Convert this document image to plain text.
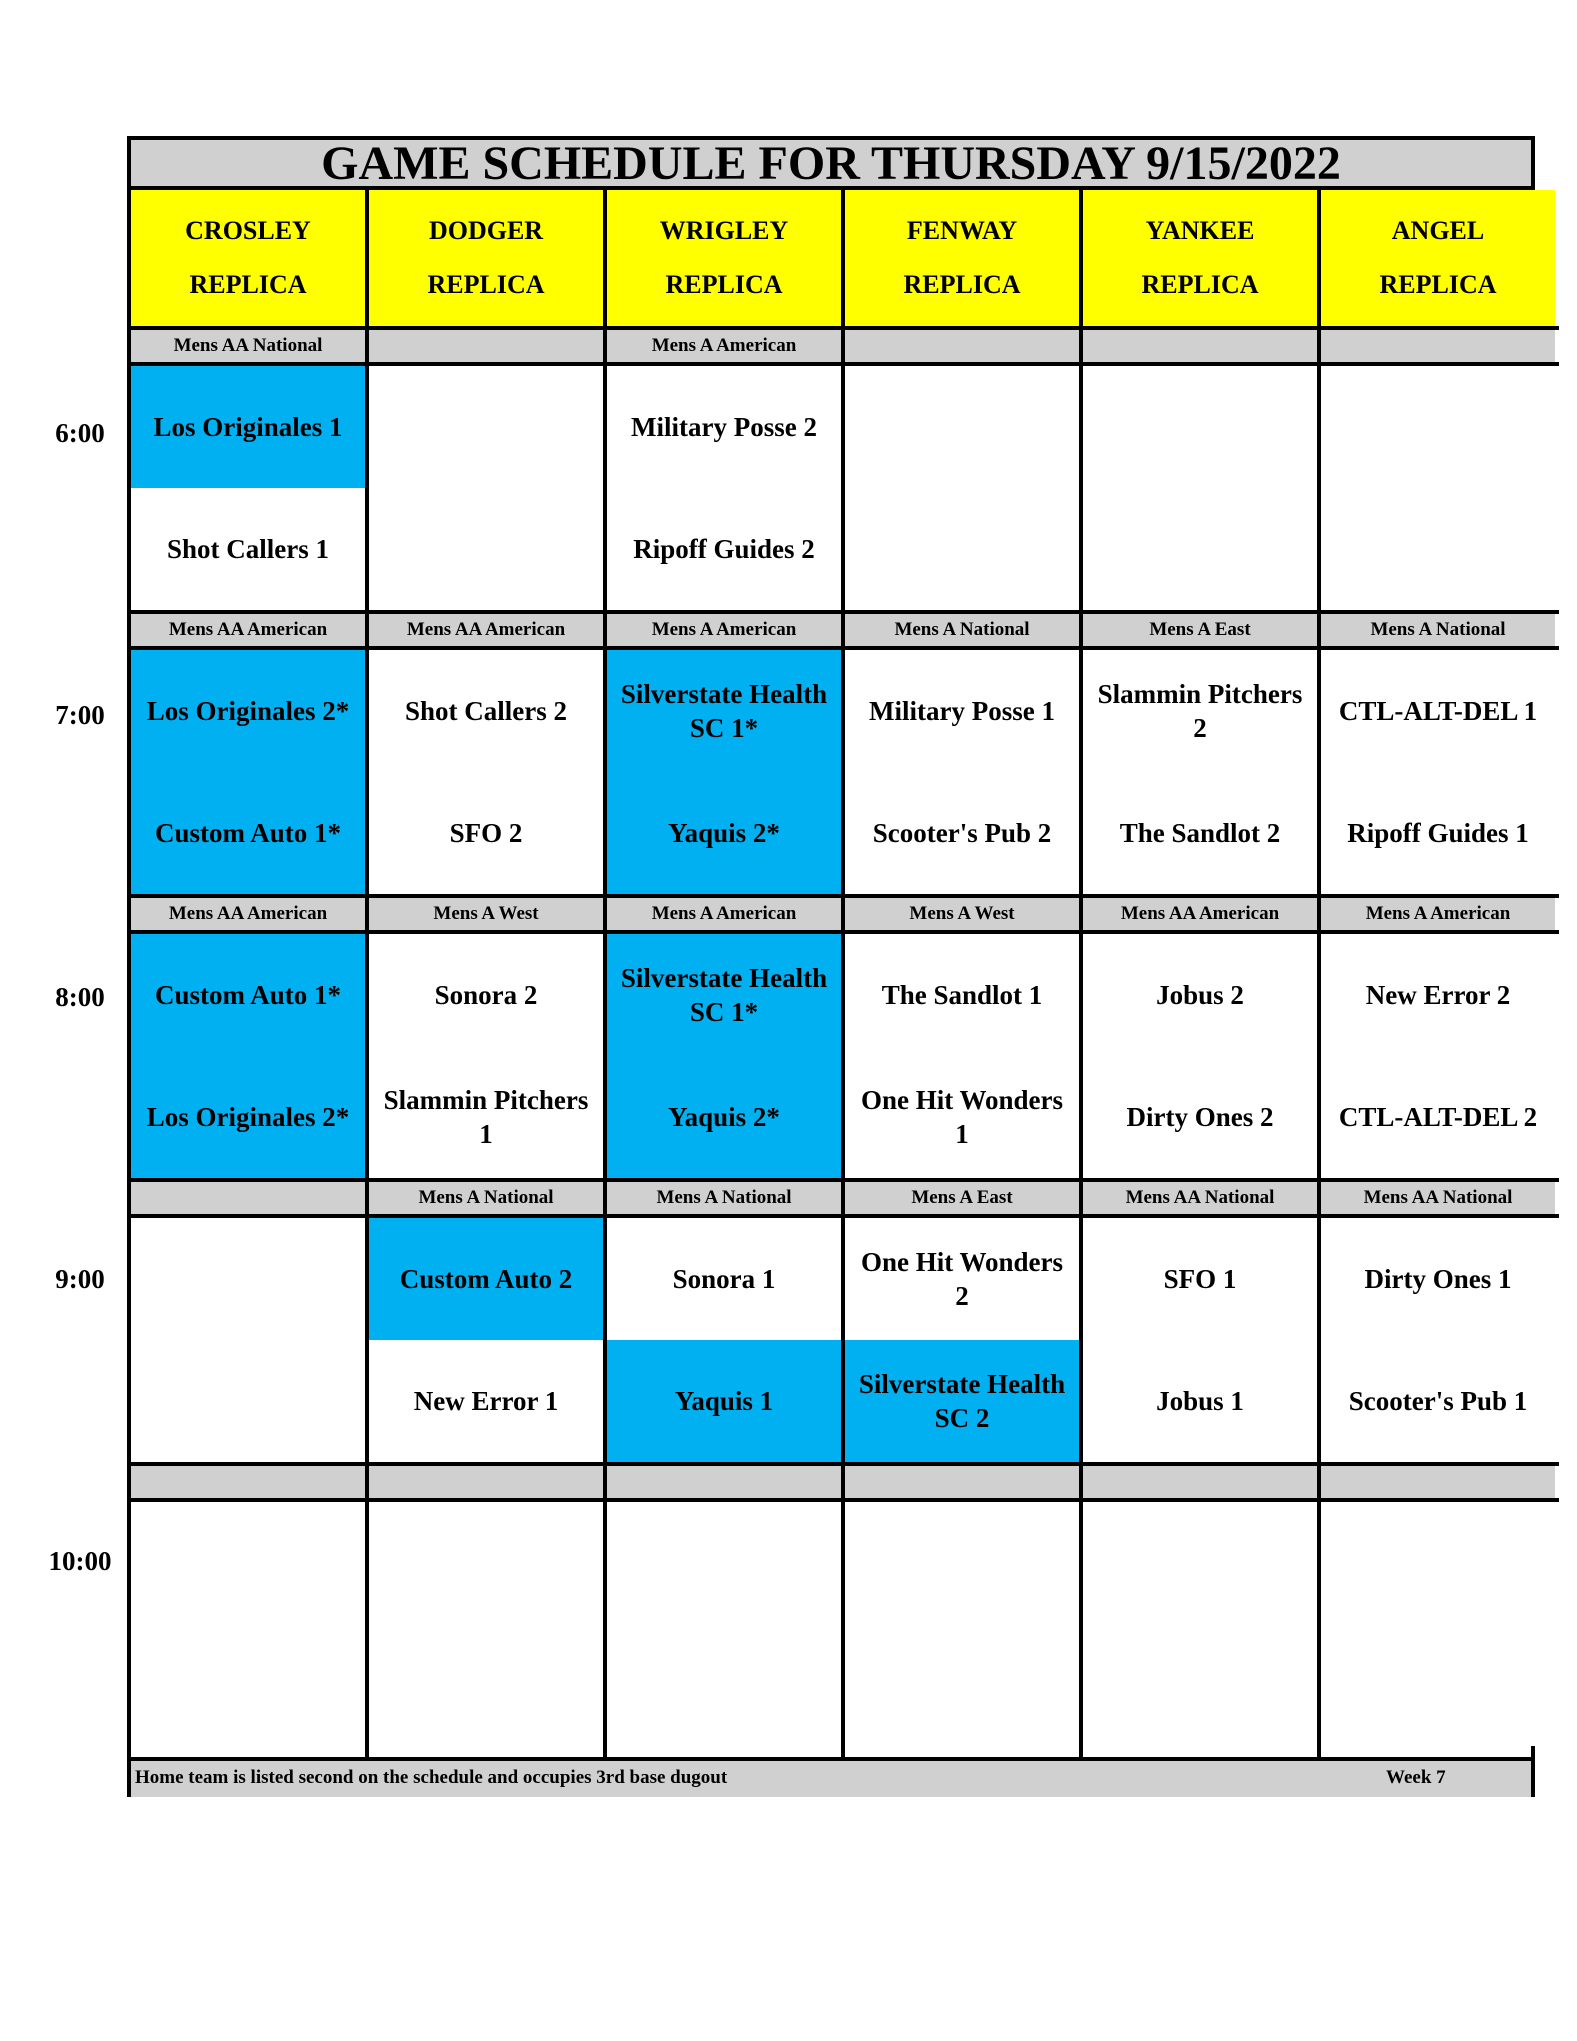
6:00
7:00
8:00
9:00
10:00
GAME SCHEDULE FOR THURSDAY 9/15/2022
CROSLEY
REPLICA
Mens AA National
Los Originales 1
Shot Callers 1
Mens AA American
Los Originales 2*
Custom Auto 1*
Mens AA American
Custom Auto 1*
Los Originales 2*
DODGER
REPLICA
Mens AA American
Shot Callers 2
SFO 2
Mens A West
Sonora 2
Slammin Pitchers 1
Mens A National
Custom Auto 2
New Error 1
WRIGLEY
REPLICA
Mens A American
Military Posse 2
Ripoff Guides 2
Mens A American
Silverstate Health SC 1*
Yaquis 2*
Mens A American
Silverstate Health SC 1*
Yaquis 2*
Mens A National
Sonora 1
Yaquis 1
FENWAY
REPLICA
Mens A National
Military Posse 1
Scooter's Pub 2
Mens A West
The Sandlot 1
One Hit Wonders 1
Mens A East
One Hit Wonders 2
Silverstate Health SC 2
YANKEE
REPLICA
Mens A East
Slammin Pitchers 2
The Sandlot 2
Mens AA American
Jobus 2
Dirty Ones 2
Mens AA National
SFO 1
Jobus 1
ANGEL
REPLICA
Mens A National
CTL-ALT-DEL 1
Ripoff Guides 1
Mens A American
New Error 2
CTL-ALT-DEL 2
Mens AA National
Dirty Ones 1
Scooter's Pub 1
Home team is listed second on the schedule and occupies 3rd base dugout	Week 7
